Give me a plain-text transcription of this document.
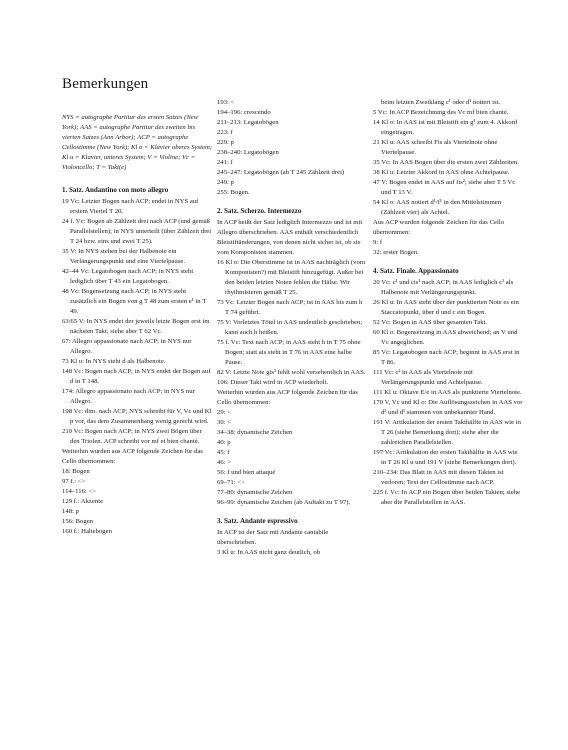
Bemerkungen

NYS = autographe Partitur des ersten Satzes (New York); AAS = autographe Partitur des zweiten bis vierten Satzes (Ann Arbor); ACP = autographe Cellostimme (New York); Kl o = Klavier oberes System; Kl u = Klavier, unteres System; V = Violine; Vc = Violoncello; T = Takt(e)

1. Satz. Andantino con moto allegro

19 Vc: Letzter Bogen nach ACP; endet in NYS auf erstem Viertel T 20.

24 f. Vc: Bogen ab Zählzeit drei nach ACP (und gemäß Parallelstellen); in NYS unterteilt (über Zählzeit drei T 24 bzw. eins und zwei T 25).

35 V: In NYS stehen bei der Halbenote ein Verlängerungspunkt und eine Viertelpause.

42–44 Vc: Legatobogen nach ACP; in NYS steht lediglich über T 43 ein Legatobogen.

48 Vc: Bogensetzung nach ACP; in NYS steht zusätzlich ein Bogen von g T 48 zum ersten e¹ in T 49.

63/65 V: In NYS endet der jeweils letzte Bogen erst im nächsten Takt; siehe aber T 62 Vc.

67: Allegro appassionato nach ACP; in NYS nur Allegro.

73 Kl u: In NYS steht d als Halbenote.

148 Vc: Bogen nach ACP; in NYS endet der Bogen auf d in T 148.

174: Allegro appassionato nach ACP; in NYS nur Allegro.

198 Vc: dim. nach ACP; NYS schreibt für V, Vc und Kl p vor, das dem Zusammenhang wenig gerecht wird.

210 Vc: Bogen nach ACP; in NYS zwei Bögen über den Triolen. ACP schreibt vor mf et bien chanté.

Weiterhin wurden aus ACP folgende Zeichen für das Cello übernommen:

18: Bogen

97 f.: <>

114–116: <>

129 f.: Akzente

148: p

156: Bogen

160 f.: Haltebogen

193: <

194–196: crescendo

211–213: Legatobögen

223: f

229: p

238–240: Legatobögen

241: f

245–247: Legatobögen (ab T 245 Zählzeit drei)

249: p

255: Bogen.

2. Satz. Scherzo. Intermezzo

In ACP heißt der Satz lediglich Intermezzo und ist mit Allegro überschrieben. AAS enthält verschiedentlich Bleistiftänderungen, von denen nicht sicher ist, ob sie vom Komponisten stammen.

16 Kl o: Die Oberstimme ist in AAS nachträglich (vom Komponisten?) mit Bleistift hinzugefügt. Außer bei den beiden letzten Noten fehlen die Hälse. Wir rhythmisieren gemäß T 25.

73 Vc: Letzter Bogen nach ACP; ist in AAS bis zum h T 74 geführt.

75 V: Vorletztes Tötel in AAS undeutlich geschrieben; kann auch h heißen.

75 f. Vc: Text nach ACP; in AAS steht h in T 75 ohne Bogen; statt ais steht in T 76 in AAS eine halbe Pause.

82 V: Letzte Note gis² fehlt wohl versehentlich in AAS.

106: Dieser Takt wird in ACP wiederholt.

Weiterhin wurden aus ACP folgende Zeichen für das Cello übernommen:

29: <

30: <

34–38: dynamische Zeichen

40: p

45: f

46: >

56: f und bien attaqué

69–71: <>

77–80: dynamische Zeichen

96–99: dynamische Zeichen (ab Auftakt zu T 97).

3. Satz. Andante espressivo

In ACP ist der Satz mit Andante cantabile überschrieben.

3 Kl u: In AAS nicht ganz deutlich, ob

beim letzten Zweiklang c¹ oder d¹ notiert ist.

5 Vc: In ACP Bezeichnung des Vc mf bien chanté.

14 Kl o: In AAS ist mit Bleistift ein g¹ zum 4. Akkord eingetragen.

21 Kl u: AAS schreibt Fis als Viertelnote ohne Viertelpause.

35 Vc: In AAS Bogen über die ersten zwei Zählzeiten.

38 Kl u: Letzter Akkord in AAS ohne Achtelpause.

47 V: Bogen endet in AAS auf fis²; siehe aber T 5 Vc und T 13 V.

54 Kl o: AAS notiert d¹/f¹ in den Mittelstimmen (Zählzeit vier) als Achtel.

Aus ACP wurden folgende Zeichen für das Cello übernommen:

9: f

32: erster Bogen.

4. Satz. Finale. Appassionato

20 Vc: c¹ und cis¹ nach ACP; in AAS lediglich c¹ als Halbenote mit Verlängerungspunkt.

26 Kl u: In AAS steht über der punktierten Note es ein Staccatopunkt, über d und c ein Bogen.

52 Vc: Bogen in AAS über gesamten Takt.

60 Kl o: Bogensetzung in AAS abweichend; an V und Vc angeglichen.

85 Vc: Legatobogen nach ACP; beginnt in AAS erst in T 86.

111 Vc: c² in AAS als Viertelnote mit Verlängerungspunkt und Achtelpause.

111 Kl u: Oktave E/e in AAS als punktierte Viertelnote.

170 V, Vc und Kl o: Die Auflösungszeichen in AAS vor d² und d¹ stammen von unbekannter Hand.

191 V: Artikulation der ersten Takthälfte in AAS wie in T 26 (siehe Bemerkung dort); siehe aber die zahlreichen Parallelstellen.

197 Vc: Artikulation der ersten Takthälfte in AAS wie in T 26 Kl u und 191 V (siehe Bemerkungen dort).

210–234: Das Blatt in AAS mit diesen Takten ist verloren; Text der Cellostimme nach ACP.

225 f. Vc: In ACP ein Bogen über beiden Takten; siehe aber die Parallelstellen in AAS.
